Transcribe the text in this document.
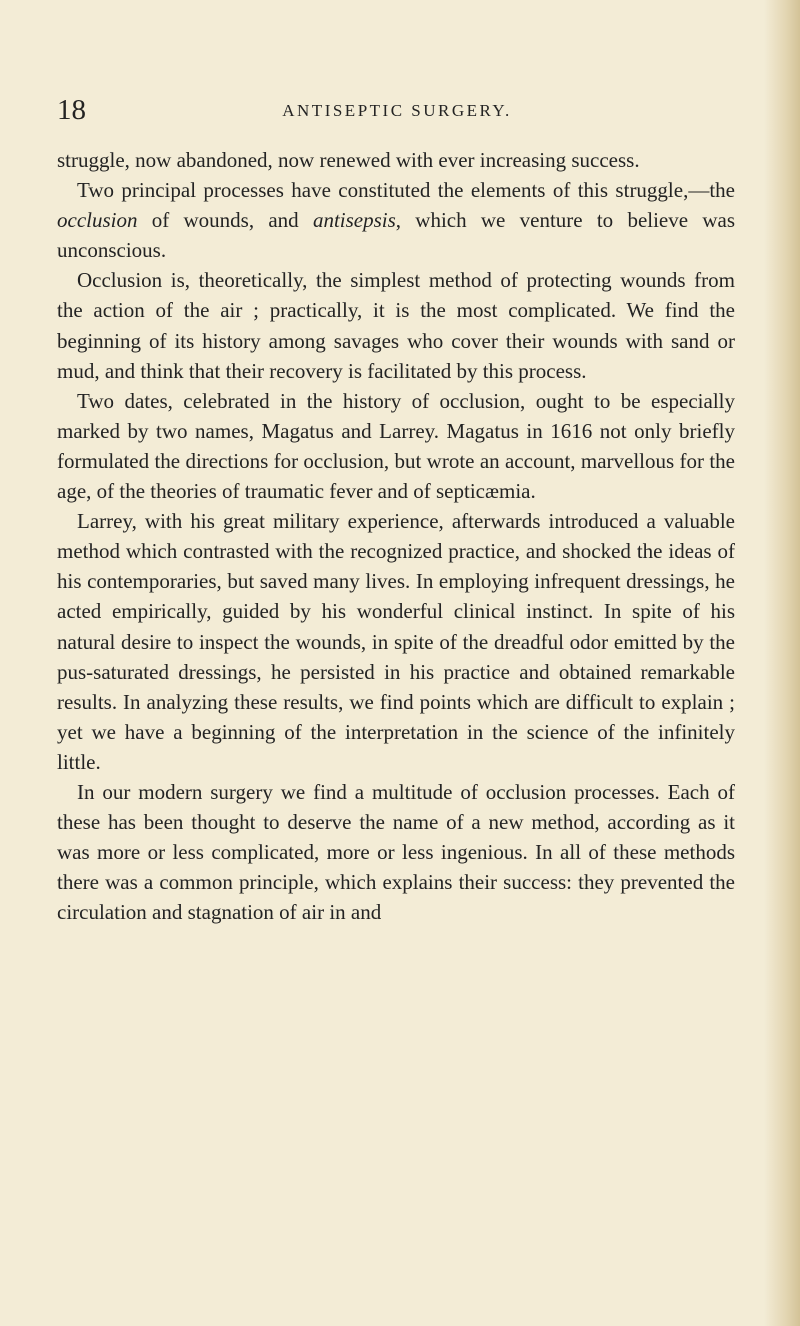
18	ANTISEPTIC SURGERY.

struggle, now abandoned, now renewed with ever increasing success.

Two principal processes have constituted the elements of this struggle,—the occlusion of wounds, and antisepsis, which we venture to believe was unconscious.

Occlusion is, theoretically, the simplest method of protecting wounds from the action of the air ; practically, it is the most complicated. We find the beginning of its history among savages who cover their wounds with sand or mud, and think that their recovery is facilitated by this process.

Two dates, celebrated in the history of occlusion, ought to be especially marked by two names, Magatus and Larrey. Magatus in 1616 not only briefly formulated the directions for occlusion, but wrote an account, marvellous for the age, of the theories of traumatic fever and of septicæmia.

Larrey, with his great military experience, afterwards introduced a valuable method which contrasted with the recognized practice, and shocked the ideas of his contemporaries, but saved many lives. In employing infrequent dressings, he acted empirically, guided by his wonderful clinical instinct. In spite of his natural desire to inspect the wounds, in spite of the dreadful odor emitted by the pus-saturated dressings, he persisted in his practice and obtained remarkable results. In analyzing these results, we find points which are difficult to explain ; yet we have a beginning of the interpretation in the science of the infinitely little.

In our modern surgery we find a multitude of occlusion processes. Each of these has been thought to deserve the name of a new method, according as it was more or less complicated, more or less ingenious. In all of these methods there was a common principle, which explains their success: they prevented the circulation and stagnation of air in and
